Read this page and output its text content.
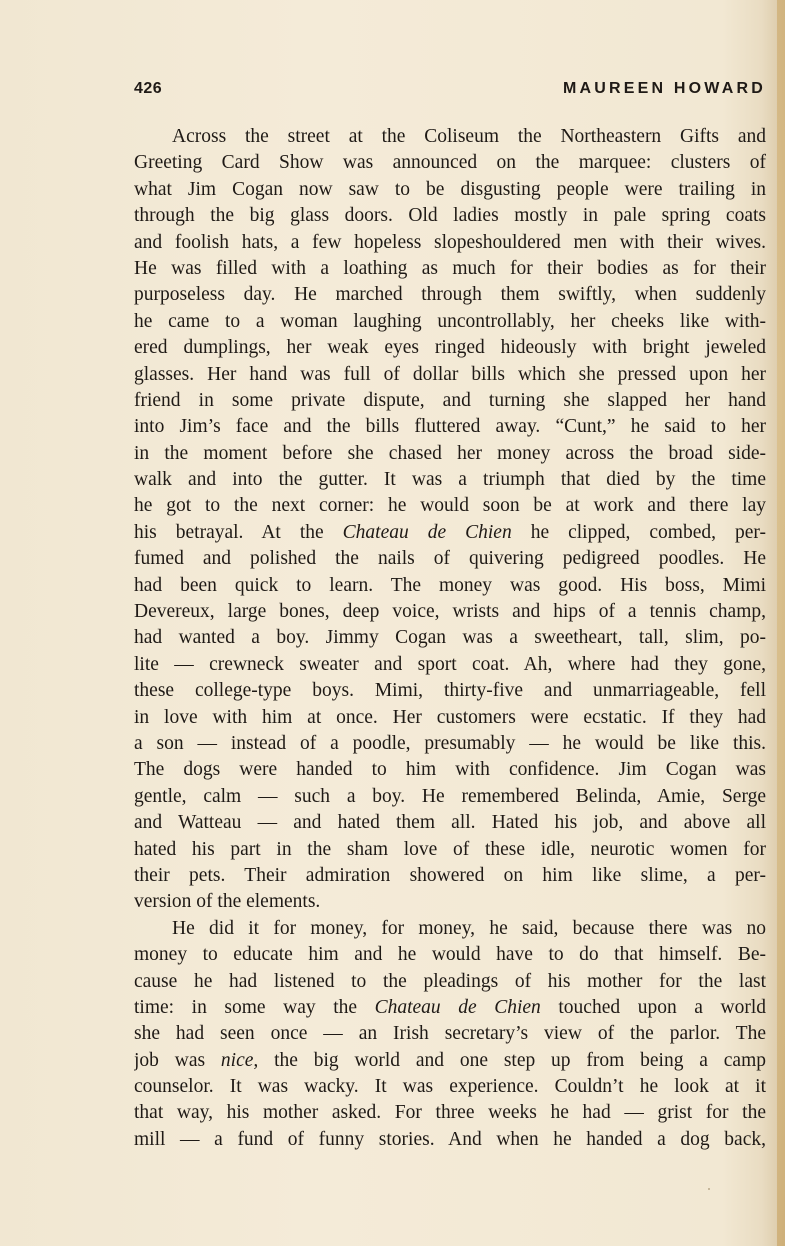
426	MAUREEN HOWARD
Across the street at the Coliseum the Northeastern Gifts and
Greeting Card Show was announced on the marquee: clusters of
what Jim Cogan now saw to be disgusting people were trailing in
through the big glass doors. Old ladies mostly in pale spring coats
and foolish hats, a few hopeless slopeshouldered men with their wives.
He was filled with a loathing as much for their bodies as for their
purposeless day. He marched through them swiftly, when suddenly
he came to a woman laughing uncontrollably, her cheeks like with-
ered dumplings, her weak eyes ringed hideously with bright jeweled
glasses. Her hand was full of dollar bills which she pressed upon her
friend in some private dispute, and turning she slapped her hand
into Jim’s face and the bills fluttered away. “Cunt,” he said to her
in the moment before she chased her money across the broad side-
walk and into the gutter. It was a triumph that died by the time
he got to the next corner: he would soon be at work and there lay
his betrayal. At the Chateau de Chien he clipped, combed, per-
fumed and polished the nails of quivering pedigreed poodles. He
had been quick to learn. The money was good. His boss, Mimi
Devereux, large bones, deep voice, wrists and hips of a tennis champ,
had wanted a boy. Jimmy Cogan was a sweetheart, tall, slim, po-
lite — crewneck sweater and sport coat. Ah, where had they gone,
these college-type boys. Mimi, thirty-five and unmarriageable, fell
in love with him at once. Her customers were ecstatic. If they had
a son — instead of a poodle, presumably — he would be like this.
The dogs were handed to him with confidence. Jim Cogan was
gentle, calm — such a boy. He remembered Belinda, Amie, Serge
and Watteau — and hated them all. Hated his job, and above all
hated his part in the sham love of these idle, neurotic women for
their pets. Their admiration showered on him like slime, a per-
version of the elements.
He did it for money, for money, he said, because there was no
money to educate him and he would have to do that himself. Be-
cause he had listened to the pleadings of his mother for the last
time: in some way the Chateau de Chien touched upon a world
she had seen once — an Irish secretary’s view of the parlor. The
job was nice, the big world and one step up from being a camp
counselor. It was wacky. It was experience. Couldn’t he look at it
that way, his mother asked. For three weeks he had — grist for the
mill — a fund of funny stories. And when he handed a dog back,
